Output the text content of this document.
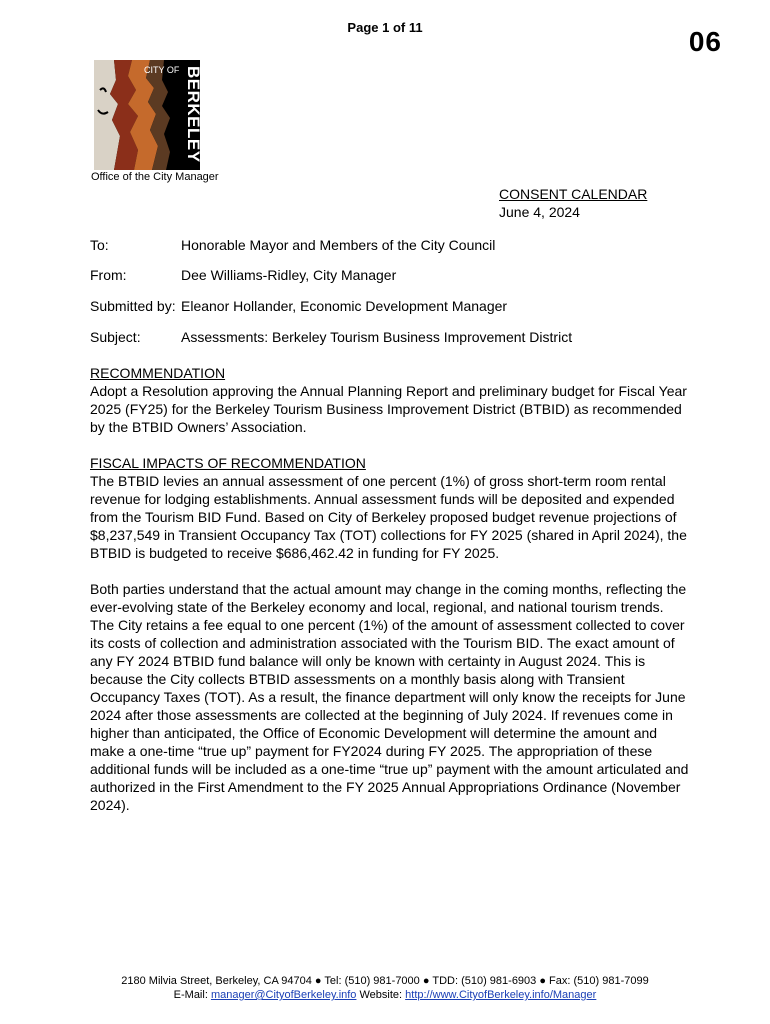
Page 1 of 11	06
CITY OF BERKELEY
Office of the City Manager
CONSENT CALENDAR
June 4, 2024
To:	Honorable Mayor and Members of the City Council
From:	Dee Williams-Ridley, City Manager
Submitted by: Eleanor Hollander, Economic Development Manager
Subject:	Assessments: Berkeley Tourism Business Improvement District
RECOMMENDATION

Adopt a Resolution approving the Annual Planning Report and preliminary budget for Fiscal Year 2025 (FY25) for the Berkeley Tourism Business Improvement District (BTBID) as recommended by the BTBID Owners’ Association.

FISCAL IMPACTS OF RECOMMENDATION

The BTBID levies an annual assessment of one percent (1%) of gross short-term room rental revenue for lodging establishments. Annual assessment funds will be deposited and expended from the Tourism BID Fund. Based on City of Berkeley proposed budget revenue projections of $8,237,549 in Transient Occupancy Tax (TOT) collections for FY 2025 (shared in April 2024), the BTBID is budgeted to receive $686,462.42 in funding for FY 2025.

Both parties understand that the actual amount may change in the coming months, reflecting the ever-evolving state of the Berkeley economy and local, regional, and national tourism trends. The City retains a fee equal to one percent (1%) of the amount of assessment collected to cover its costs of collection and administration associated with the Tourism BID. The exact amount of any FY 2024 BTBID fund balance will only be known with certainty in August 2024. This is because the City collects BTBID assessments on a monthly basis along with Transient Occupancy Taxes (TOT). As a result, the finance department will only know the receipts for June 2024 after those assessments are collected at the beginning of July 2024. If revenues come in higher than anticipated, the Office of Economic Development will determine the amount and make a one-time “true up” payment for FY2024 during FY 2025. The appropriation of these additional funds will be included as a one-time “true up” payment with the amount articulated and authorized in the First Amendment to the FY 2025 Annual Appropriations Ordinance (November 2024).

2180 Milvia Street, Berkeley, CA 94704 ● Tel: (510) 981-7000 ● TDD: (510) 981-6903 ● Fax: (510) 981-7099
E-Mail: manager@CityofBerkeley.info Website: http://www.CityofBerkeley.info/Manager
